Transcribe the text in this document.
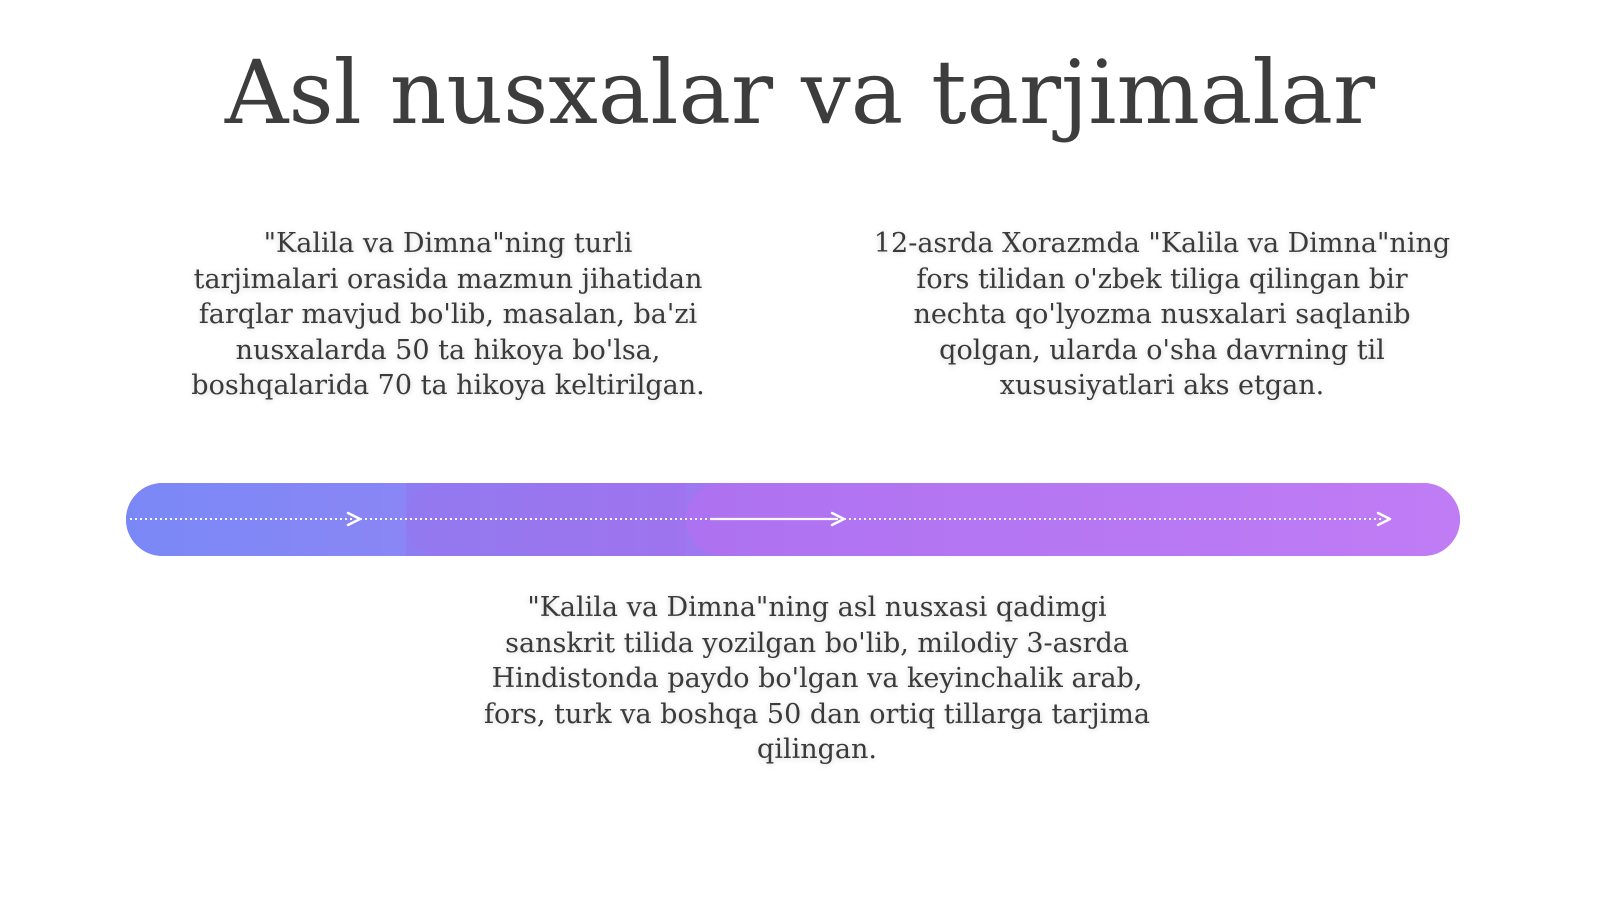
Asl nusxalar va tarjimalar
"Kalila va Dimna"ning turli
tarjimalari orasida mazmun jihatidan
farqlar mavjud bo'lib, masalan, ba'zi
nusxalarda 50 ta hikoya bo'lsa,
boshqalarida 70 ta hikoya keltirilgan.
12-asrda Xorazmda "Kalila va Dimna"ning
fors tilidan o'zbek tiliga qilingan bir
nechta qo'lyozma nusxalari saqlanib
qolgan, ularda o'sha davrning til
xususiyatlari aks etgan.
"Kalila va Dimna"ning asl nusxasi qadimgi
sanskrit tilida yozilgan bo'lib, milodiy 3-asrda
Hindistonda paydo bo'lgan va keyinchalik arab,
fors, turk va boshqa 50 dan ortiq tillarga tarjima
qilingan.
